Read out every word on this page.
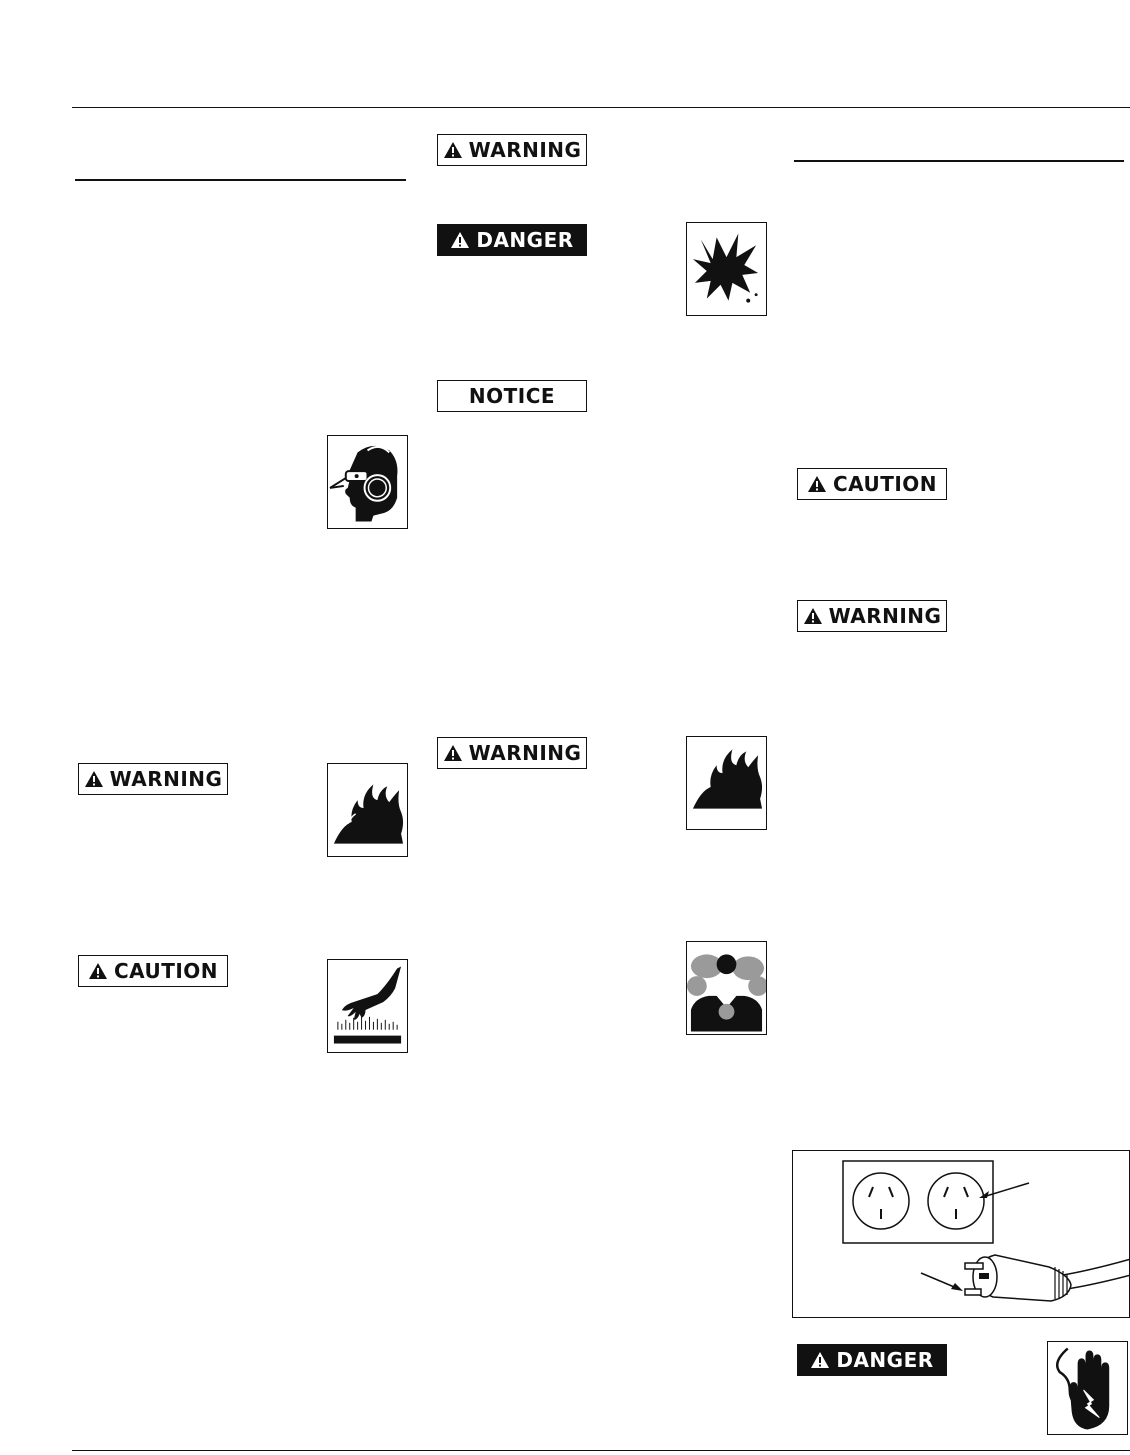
WARNING
CAUTION
WARNING
DANGER
NOTICE
WARNING
CAUTION
WARNING
DANGER
